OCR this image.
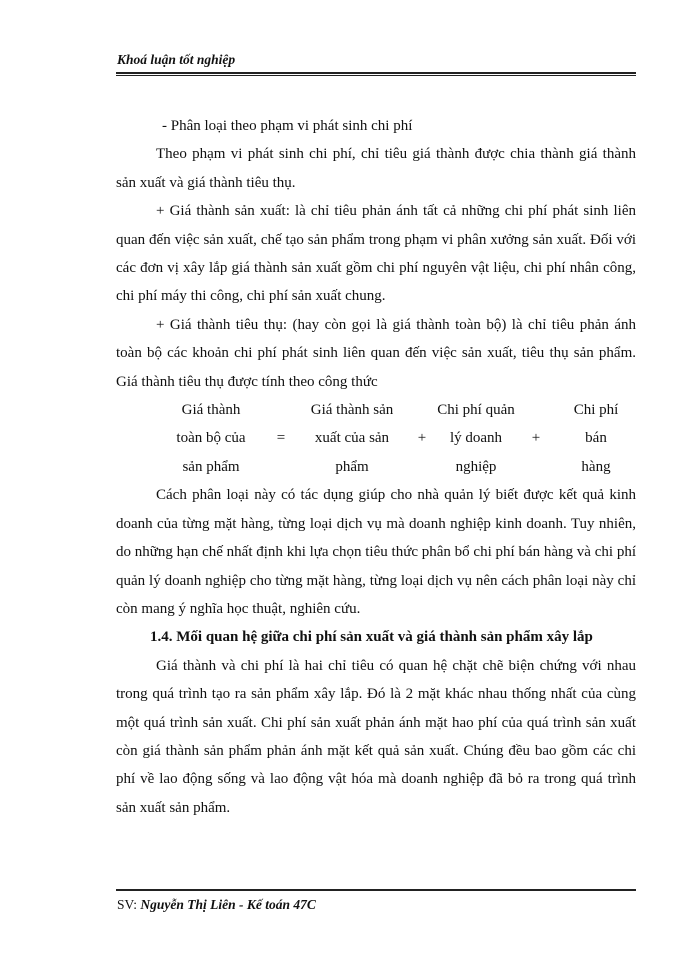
Khoá luận tốt nghiệp

- Phân loại theo phạm vi phát sinh chi phí

Theo phạm vi phát sinh chi phí, chỉ tiêu giá thành được chia thành giá thành sản xuất và giá thành tiêu thụ.

+ Giá thành sản xuất: là chỉ tiêu phản ánh tất cả những chi phí phát sinh liên quan đến việc sản xuất, chế tạo sản phẩm trong phạm vi phân xưởng sản xuất. Đối với các đơn vị xây lắp giá thành sản xuất gồm chi phí nguyên vật liệu, chi phí nhân công, chi phí máy thi công, chi phí sản xuất chung.

+ Giá thành tiêu thụ: (hay còn gọi là giá thành toàn bộ) là chỉ tiêu phản ánh toàn bộ các khoản chi phí phát sinh liên quan đến việc sản xuất, tiêu thụ sản phẩm. Giá thành tiêu thụ được tính theo công thức

Giá thành	Giá thành sản	Chi phí quản	Chi phí
toàn bộ của	=	xuất của sản	+	lý doanh	+	bán
sản phẩm	phẩm	nghiệp	hàng

Cách phân loại này có tác dụng giúp cho nhà quản lý biết được kết quả kinh doanh của từng mặt hàng, từng loại dịch vụ mà doanh nghiệp kinh doanh. Tuy nhiên, do những hạn chế nhất định khi lựa chọn tiêu thức phân bổ chi phí bán hàng và chi phí quản lý doanh nghiệp cho từng mặt hàng, từng loại dịch vụ nên cách phân loại này chỉ còn mang ý nghĩa học thuật, nghiên cứu.

1.4. Mối quan hệ giữa chi phí sản xuất và giá thành sản phẩm xây lắp

Giá thành và chi phí là hai chỉ tiêu có quan hệ chặt chẽ biện chứng với nhau trong quá trình tạo ra sản phẩm xây lắp. Đó là 2 mặt khác nhau thống nhất của cùng một quá trình sản xuất. Chi phí sản xuất phản ánh mặt hao phí của quá trình sản xuất còn giá thành sản phẩm phản ánh mặt kết quả sản xuất. Chúng đều bao gồm các chi phí về lao động sống và lao động vật hóa mà doanh nghiệp đã bỏ ra trong quá trình sản xuất sản phẩm.

SV: Nguyễn Thị Liên - Kế toán 47C
